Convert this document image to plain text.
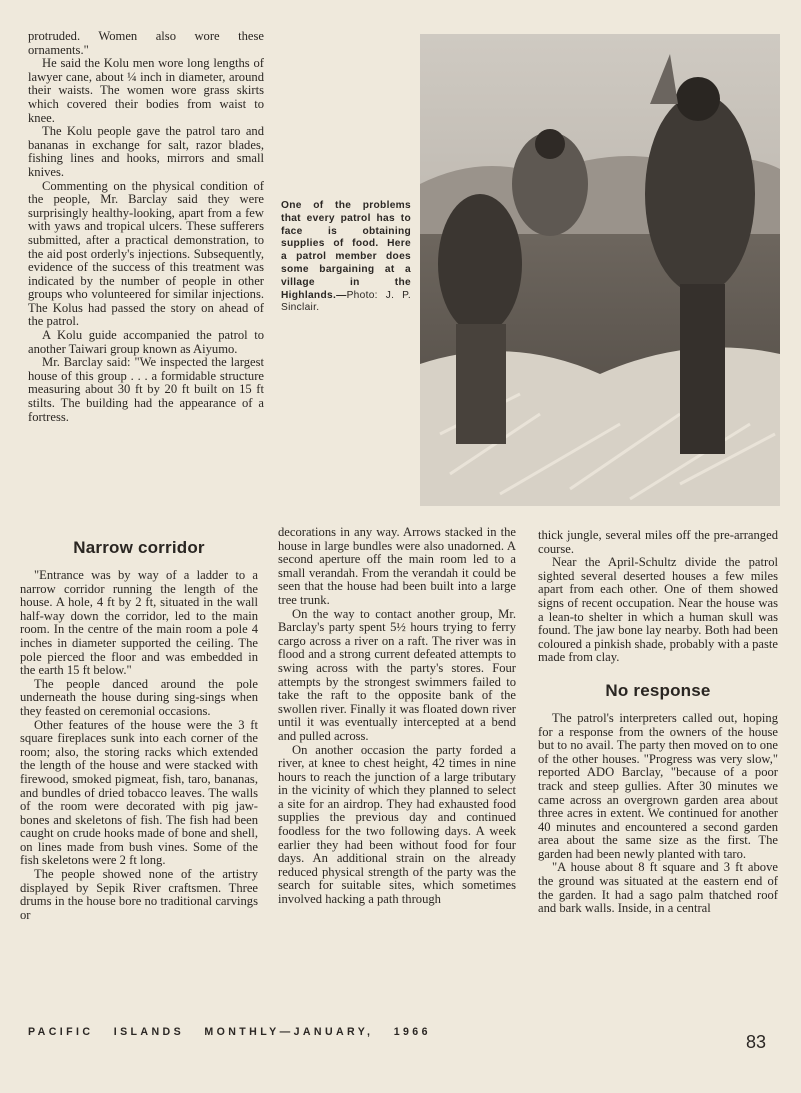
protruded. Women also wore these ornaments."

He said the Kolu men wore long lengths of lawyer cane, about ¼ inch in diameter, around their waists. The women wore grass skirts which covered their bodies from waist to knee.

The Kolu people gave the patrol taro and bananas in exchange for salt, razor blades, fishing lines and hooks, mirrors and small knives.

Commenting on the physical condition of the people, Mr. Barclay said they were surprisingly healthy-looking, apart from a few with yaws and tropical ulcers. These sufferers submitted, after a practical demonstration, to the aid post orderly's injections. Subsequently, evidence of the success of this treatment was indicated by the number of people in other groups who volunteered for similar injections. The Kolus had passed the story on ahead of the patrol.

A Kolu guide accompanied the patrol to another Taiwari group known as Aiyumo.

Mr. Barclay said: "We inspected the largest house of this group . . . a formidable structure measuring about 30 ft by 20 ft built on 15 ft stilts. The building had the appearance of a fortress.

One of the problems that every patrol has to face is obtaining supplies of food. Here a patrol member does some bargaining at a village in the Highlands.—Photo: J. P. Sinclair.
Narrow corridor

"Entrance was by way of a ladder to a narrow corridor running the length of the house. A hole, 4 ft by 2 ft, situated in the wall half-way down the corridor, led to the main room. In the centre of the main room a pole 4 inches in diameter supported the ceiling. The pole pierced the floor and was embedded in the earth 15 ft below."

The people danced around the pole underneath the house during sing-sings when they feasted on ceremonial occasions.

Other features of the house were the 3 ft square fireplaces sunk into each corner of the room; also, the storing racks which extended the length of the house and were stacked with firewood, smoked pigmeat, fish, taro, bananas, and bundles of dried tobacco leaves. The walls of the room were decorated with pig jaw-bones and skeletons of fish. The fish had been caught on crude hooks made of bone and shell, on lines made from bush vines. Some of the fish skeletons were 2 ft long.

The people showed none of the artistry displayed by Sepik River craftsmen. Three drums in the house bore no traditional carvings or

decorations in any way. Arrows stacked in the house in large bundles were also unadorned. A second aperture off the main room led to a small verandah. From the verandah it could be seen that the house had been built into a large tree trunk.

On the way to contact another group, Mr. Barclay's party spent 5½ hours trying to ferry cargo across a river on a raft. The river was in flood and a strong current defeated attempts to swing across with the party's stores. Four attempts by the strongest swimmers failed to take the raft to the opposite bank of the swollen river. Finally it was floated down river until it was eventually intercepted at a bend and pulled across.

On another occasion the party forded a river, at knee to chest height, 42 times in nine hours to reach the junction of a large tributary in the vicinity of which they planned to select a site for an airdrop. They had exhausted food supplies the previous day and continued foodless for the two following days. A week earlier they had been without food for four days. An additional strain on the already reduced physical strength of the party was the search for suitable sites, which sometimes involved hacking a path through

thick jungle, several miles off the pre-arranged course.

Near the April-Schultz divide the patrol sighted several deserted houses a few miles apart from each other. One of them showed signs of recent occupation. Near the house was a lean-to shelter in which a human skull was found. The jaw bone lay nearby. Both had been coloured a pinkish shade, probably with a paste made from clay.

No response

The patrol's interpreters called out, hoping for a response from the owners of the house but to no avail. The party then moved on to one of the other houses. "Progress was very slow," reported ADO Barclay, "because of a poor track and steep gullies. After 30 minutes we came across an overgrown garden area about three acres in extent. We continued for another 40 minutes and encountered a second garden area about the same size as the first. The garden had been newly planted with taro.

"A house about 8 ft square and 3 ft above the ground was situated at the eastern end of the garden. It had a sago palm thatched roof and bark walls. Inside, in a central

PACIFIC ISLANDS MONTHLY—JANUARY, 1966	83
